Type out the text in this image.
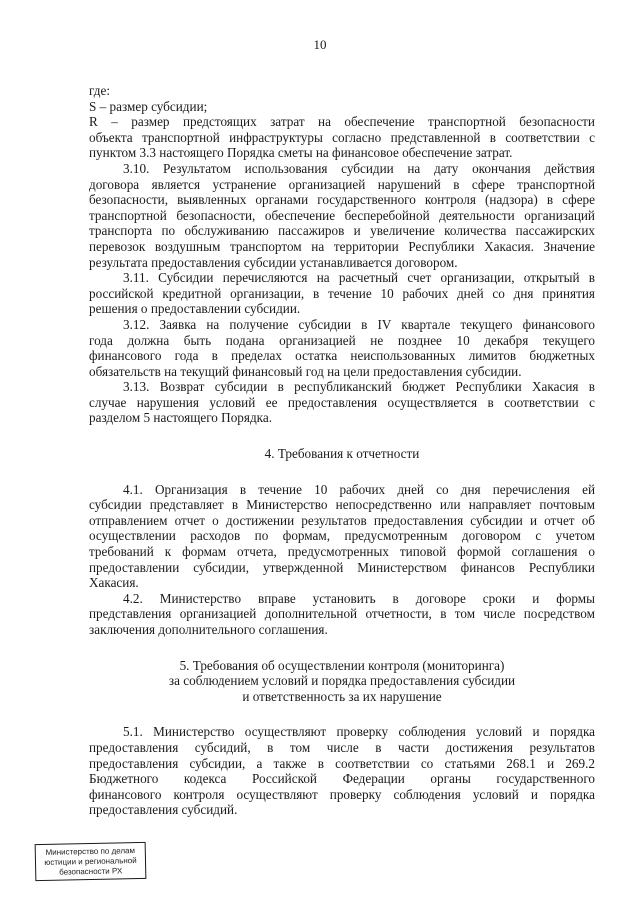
10
где:
S – размер субсидии;
R – размер предстоящих затрат на обеспечение транспортной безопасности
объекта транспортной инфраструктуры согласно представленной в соответствии с
пунктом 3.3 настоящего Порядка сметы на финансовое обеспечение затрат.
3.10. Результатом использования субсидии на дату окончания действия
договора является устранение организацией нарушений в сфере транспортной
безопасности, выявленных органами государственного контроля (надзора) в сфере
транспортной безопасности, обеспечение бесперебойной деятельности организаций
транспорта по обслуживанию пассажиров и увеличение количества пассажирских
перевозок воздушным транспортом на территории Республики Хакасия. Значение
результата предоставления субсидии устанавливается договором.
3.11. Субсидии перечисляются на расчетный счет организации, открытый в
российской кредитной организации, в течение 10 рабочих дней со дня принятия
решения о предоставлении субсидии.
3.12. Заявка на получение субсидии в IV квартале текущего финансового
года должна быть подана организацией не позднее 10 декабря текущего
финансового года в пределах остатка неиспользованных лимитов бюджетных
обязательств на текущий финансовый год на цели предоставления субсидии.
3.13. Возврат субсидии в республиканский бюджет Республики Хакасия в
случае нарушения условий ее предоставления осуществляется в соответствии с
разделом 5 настоящего Порядка.
4. Требования к отчетности
4.1. Организация в течение 10 рабочих дней со дня перечисления ей
субсидии представляет в Министерство непосредственно или направляет почтовым
отправлением отчет о достижении результатов предоставления субсидии и отчет об
осуществлении расходов по формам, предусмотренным договором с учетом
требований к формам отчета, предусмотренных типовой формой соглашения о
предоставлении субсидии, утвержденной Министерством финансов Республики
Хакасия.
4.2. Министерство вправе установить в договоре сроки и формы
представления организацией дополнительной отчетности, в том числе посредством
заключения дополнительного соглашения.
5. Требования об осуществлении контроля (мониторинга)
за соблюдением условий и порядка предоставления субсидии
и ответственность за их нарушение
5.1. Министерство осуществляют проверку соблюдения условий и порядка
предоставления субсидий, в том числе в части достижения результатов
предоставления субсидии, а также в соответствии со статьями 268.1 и 269.2
Бюджетного кодекса Российской Федерации органы государственного
финансового контроля осуществляют проверку соблюдения условий и порядка
предоставления субсидий.
Министерство по делам
юстиции и региональной
безопасности РХ
